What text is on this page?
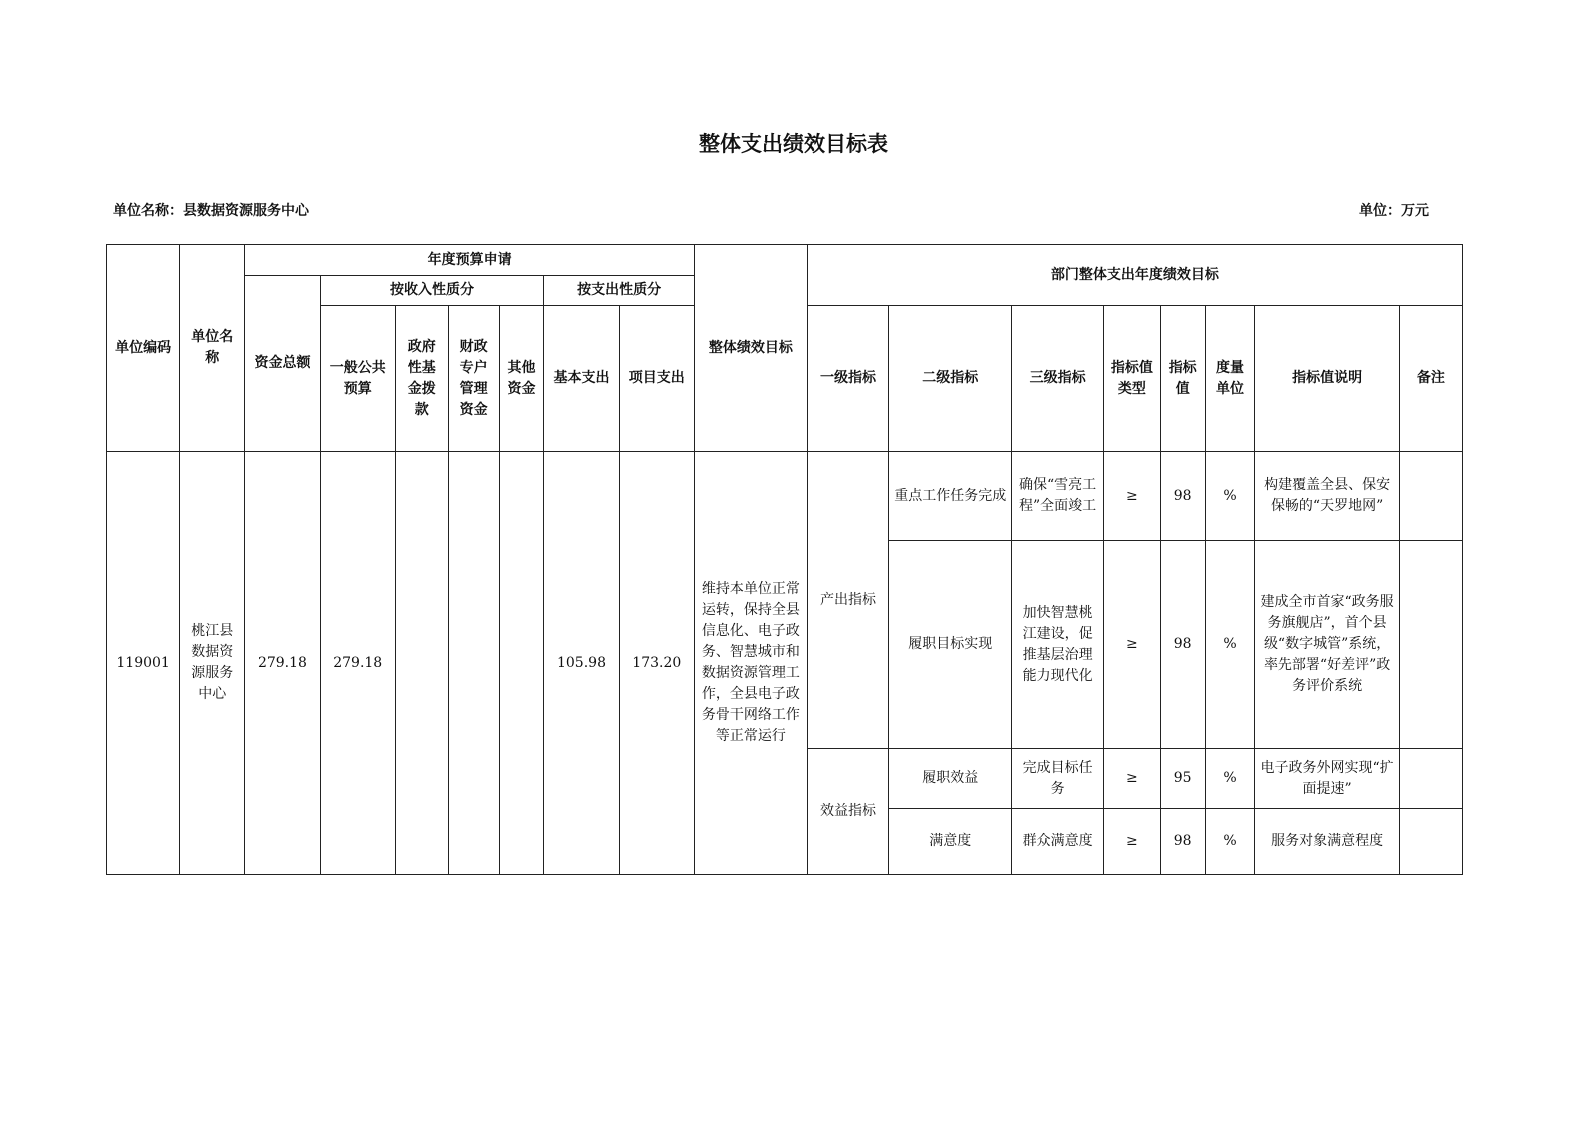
整体支出绩效目标表
单位名称：县数据资源服务中心	单位：万元
单位编码	单位名称	年度预算申请							整体绩效目标	部门整体支出年度绩效目标							
		资金总额	按收入性质分				按支出性质分										
			一般公共预算	政府性基金拨款	财政专户管理资金	其他资金	基本支出	项目支出		一级指标	二级指标	三级指标	指标值类型	指标值	度量单位	指标值说明	备注
119001	桃江县数据资源服务中心	279.18	279.18				105.98	173.20	维持本单位正常运转，保持全县信息化、电子政务、智慧城市和数据资源管理工作，全县电子政务骨干网络工作等正常运行	产出指标	重点工作任务完成	确保“雪亮工程”全面竣工	≥	98	%	构建覆盖全县、保安保畅的“天罗地网”	
											履职目标实现	加快智慧桃江建设，促推基层治理能力现代化	≥	98	%	建成全市首家“政务服务旗舰店”，首个县级“数字城管”系统，率先部署“好差评”政务评价系统	
										效益指标	履职效益	完成目标任务	≥	95	%	电子政务外网实现“扩面提速”	
											满意度	群众满意度	≥	98	%	服务对象满意程度	
